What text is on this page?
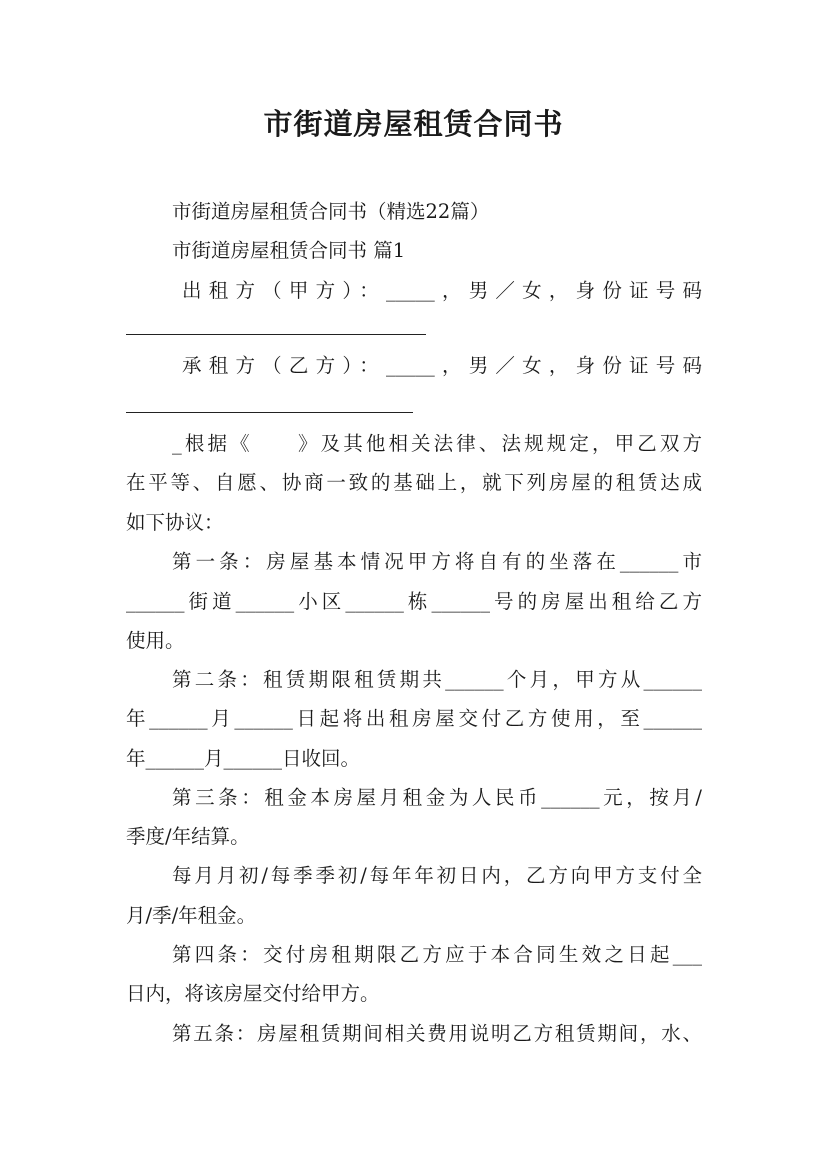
市街道房屋租赁合同书
市街道房屋租赁合同书（精选22篇）
市街道房屋租赁合同书 篇1
出租方（甲方）：_____，男／女，身份证号码
承租方（乙方）：_____，男／女，身份证号码
_根据《　　》及其他相关法律、法规规定，甲乙双方
在平等、自愿、协商一致的基础上，就下列房屋的租赁达成
如下协议：
第一条：房屋基本情况甲方将自有的坐落在______市
______街道______小区______栋______号的房屋出租给乙方
使用。
第二条：租赁期限租赁期共______个月，甲方从______
年______月______日起将出租房屋交付乙方使用，至______
年______月______日收回。
第三条：租金本房屋月租金为人民币______元，按月/
季度/年结算。
每月月初/每季季初/每年年初日内，乙方向甲方支付全
月/季/年租金。
第四条：交付房租期限乙方应于本合同生效之日起___
日内，将该房屋交付给甲方。
第五条：房屋租赁期间相关费用说明乙方租赁期间，水、
